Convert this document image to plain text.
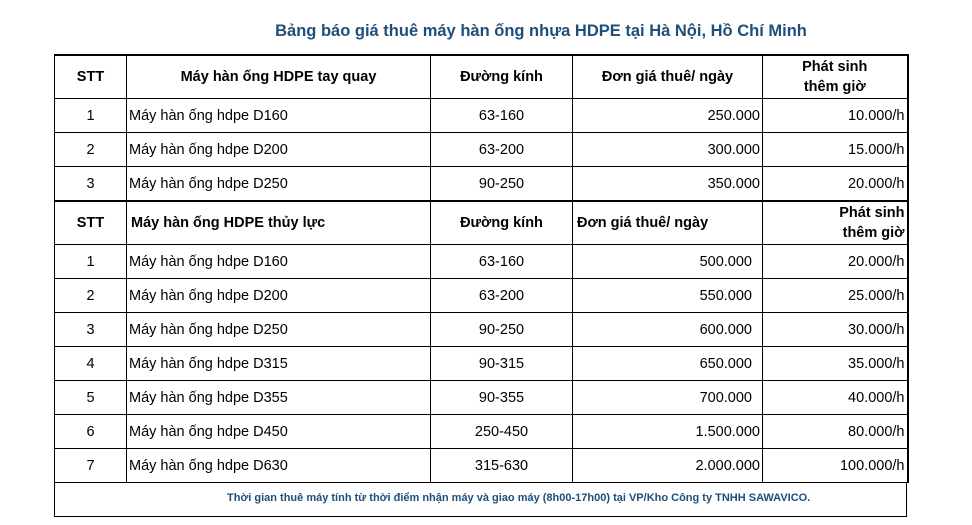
Bảng báo giá thuê máy hàn ống nhựa HDPE tại Hà Nội, Hồ Chí Minh
STT	Máy hàn ống HDPE tay quay	Đường kính	Đơn giá thuê/ ngày	Phát sinh
thêm giờ
1	Máy hàn ống hdpe D160	63-160	250.000	10.000/h
2	Máy hàn ống hdpe D200	63-200	300.000	15.000/h
3	Máy hàn ống hdpe D250	90-250	350.000	20.000/h
STT	Máy hàn ống HDPE thủy lực	Đường kính	Đơn giá thuê/ ngày	Phát sinh
thêm giờ
1	Máy hàn ống hdpe D160	63-160	500.000	20.000/h
2	Máy hàn ống hdpe D200	63-200	550.000	25.000/h
3	Máy hàn ống hdpe D250	90-250	600.000	30.000/h
4	Máy hàn ống hdpe D315	90-315	650.000	35.000/h
5	Máy hàn ống hdpe D355	90-355	700.000	40.000/h
6	Máy hàn ống hdpe D450	250-450	1.500.000	80.000/h
7	Máy hàn ống hdpe D630	315-630	2.000.000	100.000/h
Thời gian thuê máy tính từ thời điểm nhận máy và giao máy (8h00-17h00) tại VP/Kho Công ty TNHH SAWAVICO.
